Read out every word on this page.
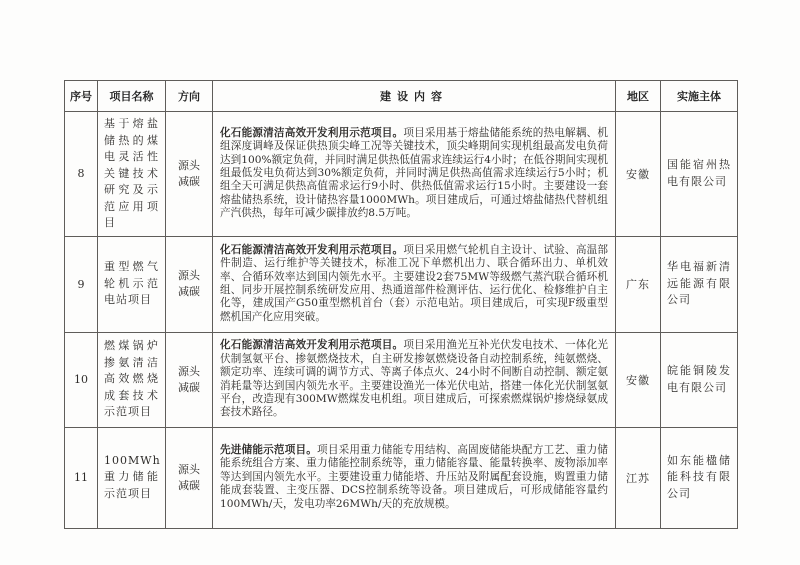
序号	项目名称	方向	建设内容	地区	实施主体
8	基于熔盐储热的煤电灵活性关键技术研究及示范应用项目	源头减碳	化石能源清洁高效开发利用示范项目。项目采用基于熔盐储能系统的热电解耦、机组深度调峰及保证供热顶尖峰工况等关键技术，顶尖峰期间实现机组最高发电负荷达到100%额定负荷，并同时满足供热低值需求连续运行4小时；在低谷期间实现机组最低发电负荷达到30%额定负荷，并同时满足供热高值需求连续运行5小时；机组全天可满足供热高值需求运行9小时、供热低值需求运行15小时。主要建设一套熔盐储热系统，设计储热容量1000MWh。项目建成后，可通过熔盐储热代替机组产汽供热，每年可减少碳排放约8.5万吨。	安徽	国能宿州热电有限公司
9	重型燃气轮机示范电站项目	源头减碳	化石能源清洁高效开发利用示范项目。项目采用燃气轮机自主设计、试验、高温部件制造、运行维护等关键技术，标准工况下单燃机出力、联合循环出力、单机效率、合循环效率达到国内领先水平。主要建设2套75MW等级燃气蒸汽联合循环机组、同步开展控制系统研发应用、热通道部件检测评估、运行优化、检修维护自主化等，建成国产G50重型燃机首台（套）示范电站。项目建成后，可实现F级重型燃机国产化应用突破。	广东	华电福新清远能源有限公司
10	燃煤锅炉掺氨清洁高效燃烧成套技术示范项目	源头减碳	化石能源清洁高效开发利用示范项目。项目采用渔光互补光伏发电技术、一体化光伏制氢氨平台、掺氨燃烧技术，自主研发掺氨燃烧设备自动控制系统，纯氨燃烧、额定功率、连续可调的调节方式、等离子体点火、24小时不间断自动控制、额定氨消耗量等达到国内领先水平。主要建设渔光一体光伏电站，搭建一体化光伏制氢氨平台，改造现有300MW燃煤发电机组。项目建成后，可探索燃煤锅炉掺烧绿氨成套技术路径。	安徽	皖能铜陵发电有限公司
11	100MWh 重力储能示范项目	源头减碳	先进储能示范项目。项目采用重力储能专用结构、高固废储能块配方工艺、重力储能系统组合方案、重力储能控制系统等，重力储能容量、能量转换率、废物添加率等达到国内领先水平。主要建设重力储能塔、升压站及附属配套设施，购置重力储能成套装置、主变压器、DCS控制系统等设备。项目建成后，可形成储能容量约100MWh/天，发电功率26MWh/天的充放规模。	江苏	如东能楹储能科技有限公司
